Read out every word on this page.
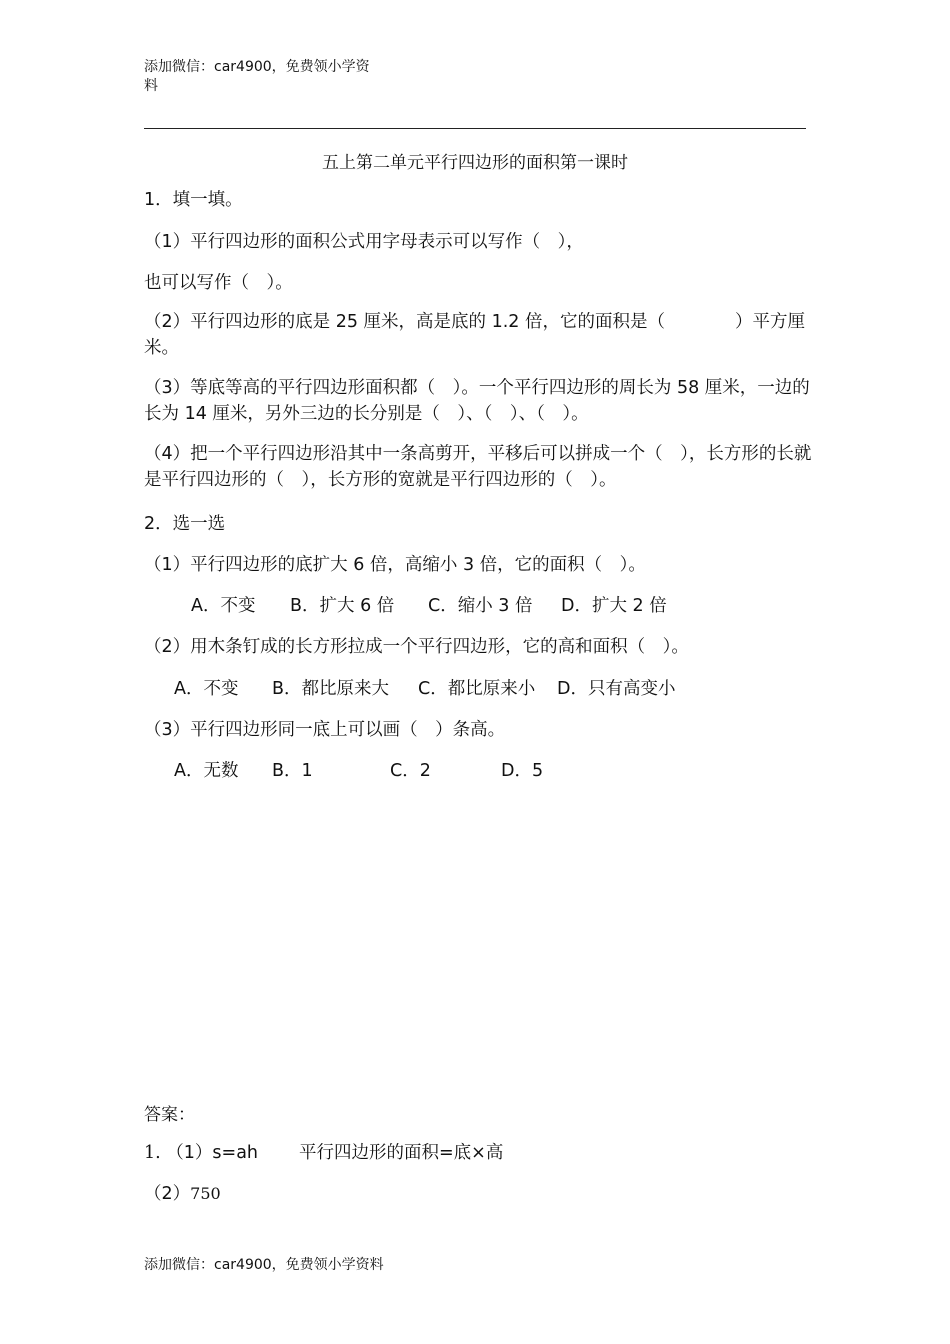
添加微信：car4900，免费领小学资
料
五上第二单元平行四边形的面积第一课时
1．填一填。
（1）平行四边形的面积公式用字母表示可以写作（　），
也可以写作（　）。
（2）平行四边形的底是 25 厘米，高是底的 1.2 倍，它的面积是（　　　　）平方厘米。
（3）等底等高的平行四边形面积都（　）。一个平行四边形的周长为 58 厘米，一边的长为 14 厘米，另外三边的长分别是（　）、（　）、（　）。
（4）把一个平行四边形沿其中一条高剪开，平移后可以拼成一个（　），长方形的长就是平行四边形的（　），长方形的宽就是平行四边形的（　）。
2．选一选
（1）平行四边形的底扩大 6 倍，高缩小 3 倍，它的面积（　）。
A．不变 B．扩大 6 倍 C．缩小 3 倍 D．扩大 2 倍
（2）用木条钉成的长方形拉成一个平行四边形，它的高和面积（　）。
A．不变 B．都比原来大 C．都比原来小 D．只有高变小
（3）平行四边形同一底上可以画（　）条高。
A．无数 B．1	C．2	D．5
答案：
1. （1）s=ah 平行四边形的面积=底×高
（2）750
添加微信：car4900，免费领小学资料
